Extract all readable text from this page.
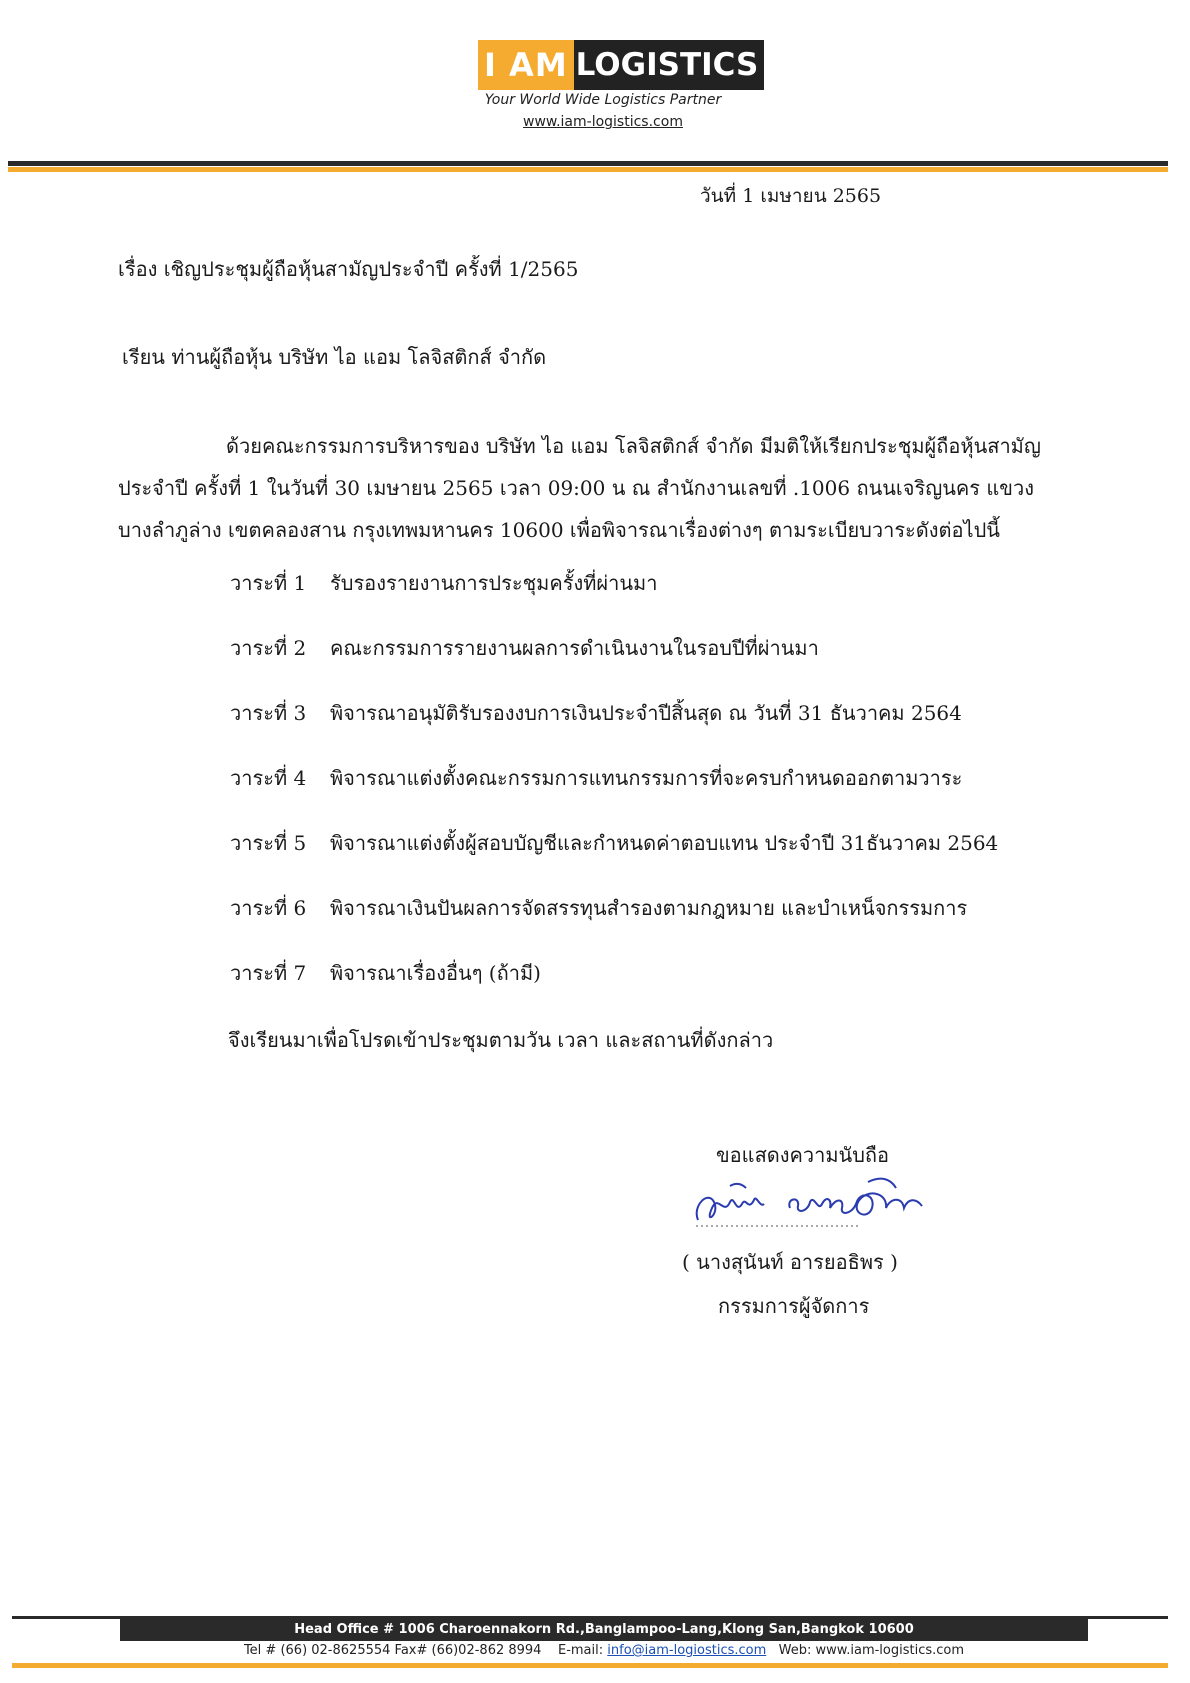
I AM LOGISTICS
Your World Wide Logistics Partner
www.iam-logistics.com
วันที่ 1 เมษายน 2565
เรื่อง เชิญประชุมผู้ถือหุ้นสามัญประจำปี ครั้งที่ 1/2565
เรียน ท่านผู้ถือหุ้น บริษัท ไอ แอม โลจิสติกส์ จำกัด
ด้วยคณะกรรมการบริหารของ บริษัท ไอ แอม โลจิสติกส์ จำกัด มีมติให้เรียกประชุมผู้ถือหุ้นสามัญประจำปี ครั้งที่ 1 ในวันที่ 30 เมษายน 2565 เวลา 09:00 น ณ สำนักงานเลขที่ .1006 ถนนเจริญนคร แขวงบางลำภูล่าง เขตคลองสาน กรุงเทพมหานคร 10600 เพื่อพิจารณาเรื่องต่างๆ ตามระเบียบวาระดังต่อไปนี้
วาระที่ 1	รับรองรายงานการประชุมครั้งที่ผ่านมา
วาระที่ 2	คณะกรรมการรายงานผลการดำเนินงานในรอบปีที่ผ่านมา
วาระที่ 3	พิจารณาอนุมัติรับรองงบการเงินประจำปีสิ้นสุด ณ วันที่ 31 ธันวาคม 2564
วาระที่ 4	พิจารณาแต่งตั้งคณะกรรมการแทนกรรมการที่จะครบกำหนดออกตามวาระ
วาระที่ 5	พิจารณาแต่งตั้งผู้สอบบัญชีและกำหนดค่าตอบแทน ประจำปี 31ธันวาคม 2564
วาระที่ 6	พิจารณาเงินปันผลการจัดสรรทุนสำรองตามกฎหมาย และบำเหน็จกรรมการ
วาระที่ 7	พิจารณาเรื่องอื่นๆ (ถ้ามี)
จึงเรียนมาเพื่อโปรดเข้าประชุมตามวัน เวลา และสถานที่ดังกล่าว
ขอแสดงความนับถือ
( นางสุนันท์ อารยอธิพร )
กรรมการผู้จัดการ
Head Office # 1006 Charoennakorn Rd.,Banglampoo-Lang,Klong San,Bangkok 10600
Tel # (66) 02-8625554 Fax# (66)02-862 8994 E-mail: info@iam-logiostics.com Web: www.iam-logistics.com
